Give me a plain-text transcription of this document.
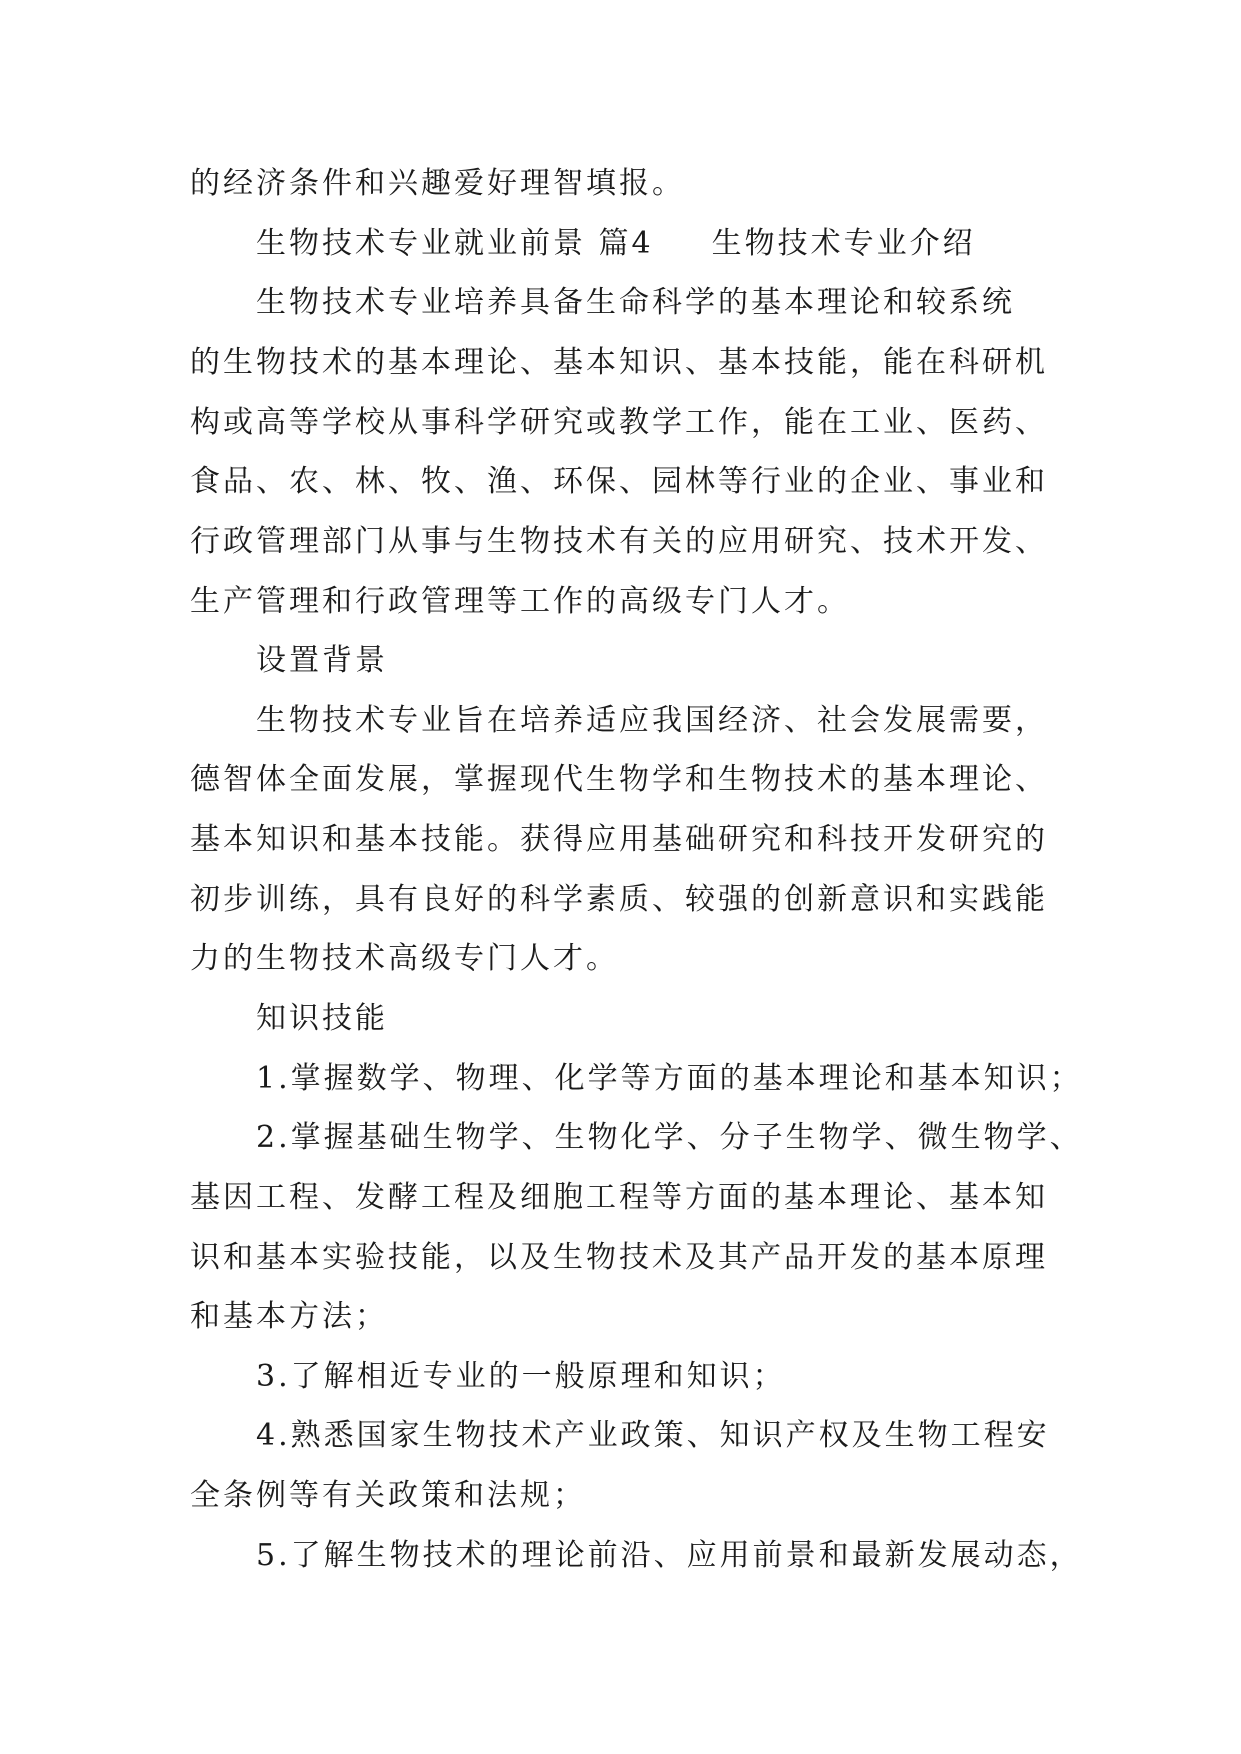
的经济条件和兴趣爱好理智填报。
生物技术专业就业前景 篇4 生物技术专业介绍
生物技术专业培养具备生命科学的基本理论和较系统
的生物技术的基本理论、基本知识、基本技能，能在科研机
构或高等学校从事科学研究或教学工作，能在工业、医药、
食品、农、林、牧、渔、环保、园林等行业的企业、事业和
行政管理部门从事与生物技术有关的应用研究、技术开发、
生产管理和行政管理等工作的高级专门人才。
设置背景
生物技术专业旨在培养适应我国经济、社会发展需要，
德智体全面发展，掌握现代生物学和生物技术的基本理论、
基本知识和基本技能。获得应用基础研究和科技开发研究的
初步训练，具有良好的科学素质、较强的创新意识和实践能
力的生物技术高级专门人才。
知识技能
1.掌握数学、物理、化学等方面的基本理论和基本知识；
2.掌握基础生物学、生物化学、分子生物学、微生物学、
基因工程、发酵工程及细胞工程等方面的基本理论、基本知
识和基本实验技能，以及生物技术及其产品开发的基本原理
和基本方法；
3.了解相近专业的一般原理和知识；
4.熟悉国家生物技术产业政策、知识产权及生物工程安
全条例等有关政策和法规；
5.了解生物技术的理论前沿、应用前景和最新发展动态，
